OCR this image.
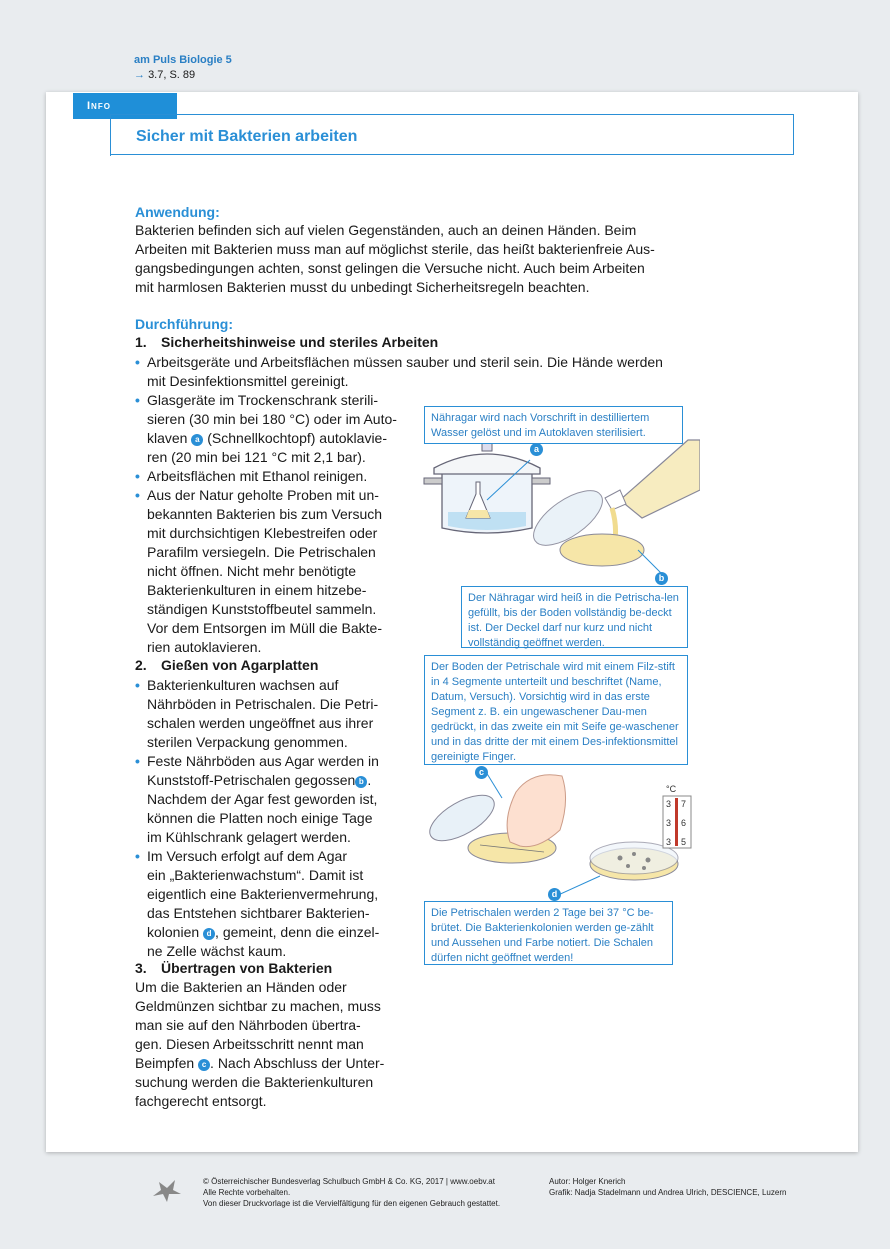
am Puls Biologie 5
→ 3.7, S. 89
Info
Sicher mit Bakterien arbeiten
Anwendung:
Bakterien befinden sich auf vielen Gegenständen, auch an deinen Händen. Beim
Arbeiten mit Bakterien muss man auf möglichst sterile, das heißt bakterienfreie Aus-
gangsbedingungen achten, sonst gelingen die Versuche nicht. Auch beim Arbeiten
mit harmlosen Bakterien musst du unbedingt Sicherheitsregeln beachten.
Durchführung:
1. Sicherheitshinweise und steriles Arbeiten
• Arbeitsgeräte und Arbeitsflächen müssen sauber und steril sein. Die Hände werden
mit Desinfektionsmittel gereinigt.
• Glasgeräte im Trockenschrank sterili-
sieren (30 min bei 180 °C) oder im Auto-
klaven a (Schnellkochtopf) autoklavie-
ren (20 min bei 121 °C mit 2,1 bar).
• Arbeitsflächen mit Ethanol reinigen.
• Aus der Natur geholte Proben mit un-
bekannten Bakterien bis zum Versuch
mit durchsichtigen Klebestreifen oder
Parafilm versiegeln. Die Petrischalen
nicht öffnen. Nicht mehr benötigte
Bakterienkulturen in einem hitzebe-
ständigen Kunststoffbeutel sammeln.
Vor dem Entsorgen im Müll die Bakte-
rien autoklavieren.
2. Gießen von Agarplatten
• Bakterienkulturen wachsen auf
Nährböden in Petrischalen. Die Petri-
schalen werden ungeöffnet aus ihrer
sterilen Verpackung genommen.
• Feste Nährböden aus Agar werden in
Kunststoff-Petrischalen gegossen b .
Nachdem der Agar fest geworden ist,
können die Platten noch einige Tage
im Kühlschrank gelagert werden.
• Im Versuch erfolgt auf dem Agar
ein „Bakterienwachstum“. Damit ist
eigentlich eine Bakterienvermehrung,
das Entstehen sichtbarer Bakterien-
kolonien d , gemeint, denn die einzel-
ne Zelle wächst kaum.
3. Übertragen von Bakterien
Um die Bakterien an Händen oder
Geldmünzen sichtbar zu machen, muss
man sie auf den Nährboden übertra-
gen. Diesen Arbeitsschritt nennt man
Beimpfen c . Nach Abschluss der Unter-
suchung werden die Bakterienkulturen
fachgerecht entsorgt.
°C
3 7
3 6
3 5
Nähragar wird nach Vorschrift in destilliertem Wasser gelöst und im Autoklaven sterilisiert.
a
b
Der Nähragar wird heiß in die Petrischa-len gefüllt, bis der Boden vollständig be-deckt ist. Der Deckel darf nur kurz und nicht vollständig geöffnet werden.
Der Boden der Petrischale wird mit einem Filz-stift in 4 Segmente unterteilt und beschriftet (Name, Datum, Versuch). Vorsichtig wird in das erste Segment z. B. ein ungewaschener Dau-men gedrückt, in das zweite ein mit Seife ge-waschener und in das dritte der mit einem Des-infektionsmittel gereinigte Finger.
c
d
Die Petrischalen werden 2 Tage bei 37 °C be-brütet. Die Bakterienkolonien werden ge-zählt und Aussehen und Farbe notiert. Die Schalen dürfen nicht geöffnet werden!
© Österreichischer Bundesverlag Schulbuch GmbH & Co. KG, 2017 | www.oebv.at
Alle Rechte vorbehalten.
Von dieser Druckvorlage ist die Vervielfältigung für den eigenen Gebrauch gestattet.
Autor: Holger Knerich
Grafik: Nadja Stadelmann und Andrea Ulrich, DESCIENCE, Luzern
